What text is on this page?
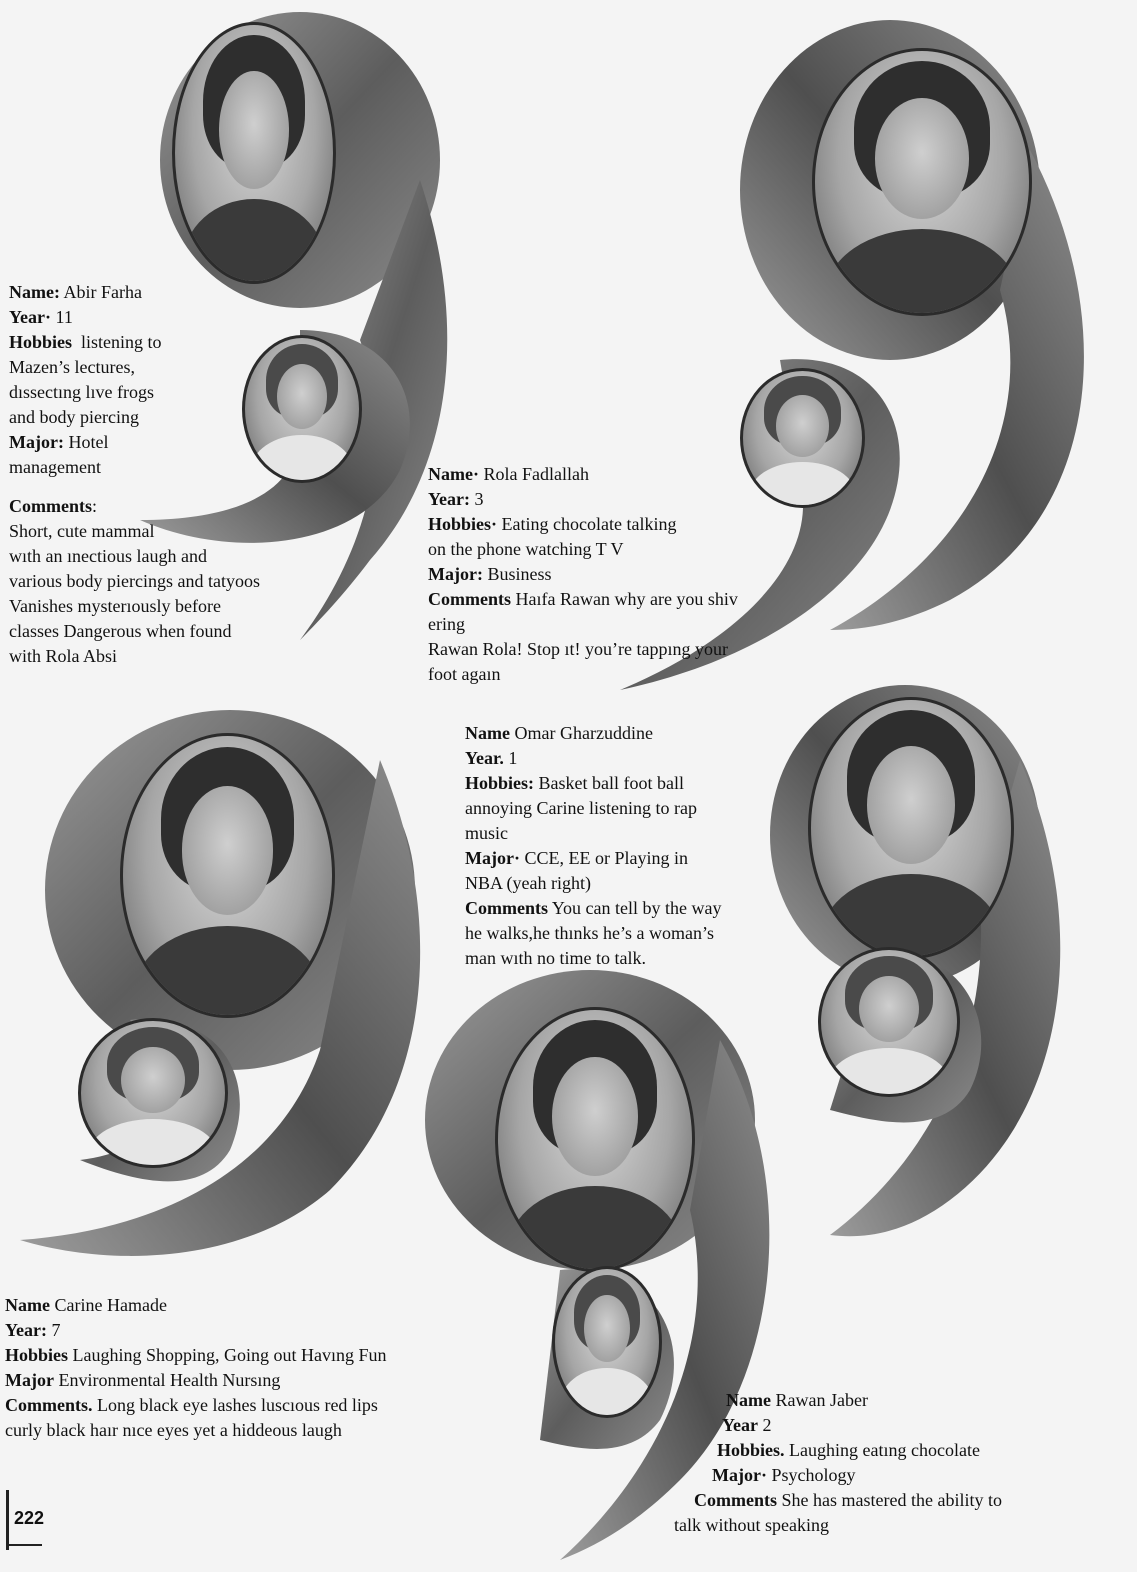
Name: Abir Farha
Year· 11
Hobbies listening to
Mazen’s lectures,
dıssectıng lıve frogs
and body piercing
Major: Hotel
management
Comments:
Short, cute mammal
wıth an ınectious laugh and
various body piercings and tatyoos
Vanishes mysterıously before
classes Dangerous when found
with Rola Absi
Name· Rola Fadlallah
Year: 3
Hobbies· Eating chocolate talking
on the phone watching T V
Major: Business
Comments Haıfa Rawan why are you shiv
ering
Rawan Rola! Stop ıt! you’re tappıng your
foot agaın
Name Omar Gharzuddine
Year. 1
Hobbies: Basket ball foot ball
annoying Carine listening to rap
music
Major· CCE, EE or Playing in
NBA (yeah right)
Comments You can tell by the way
he walks,he thınks he’s a woman’s
man wıth no time to talk.
Name Carine Hamade
Year: 7
Hobbies Laughing Shopping, Going out Havıng Fun
Major Environmental Health Nursıng
Comments. Long black eye lashes luscıous red lips
curly black haır nıce eyes yet a hiddeous laugh
Name Rawan Jaber
Year 2
Hobbies. Laughing eatıng chocolate
Major· Psychology
Comments She has mastered the ability to
talk without speaking
222
